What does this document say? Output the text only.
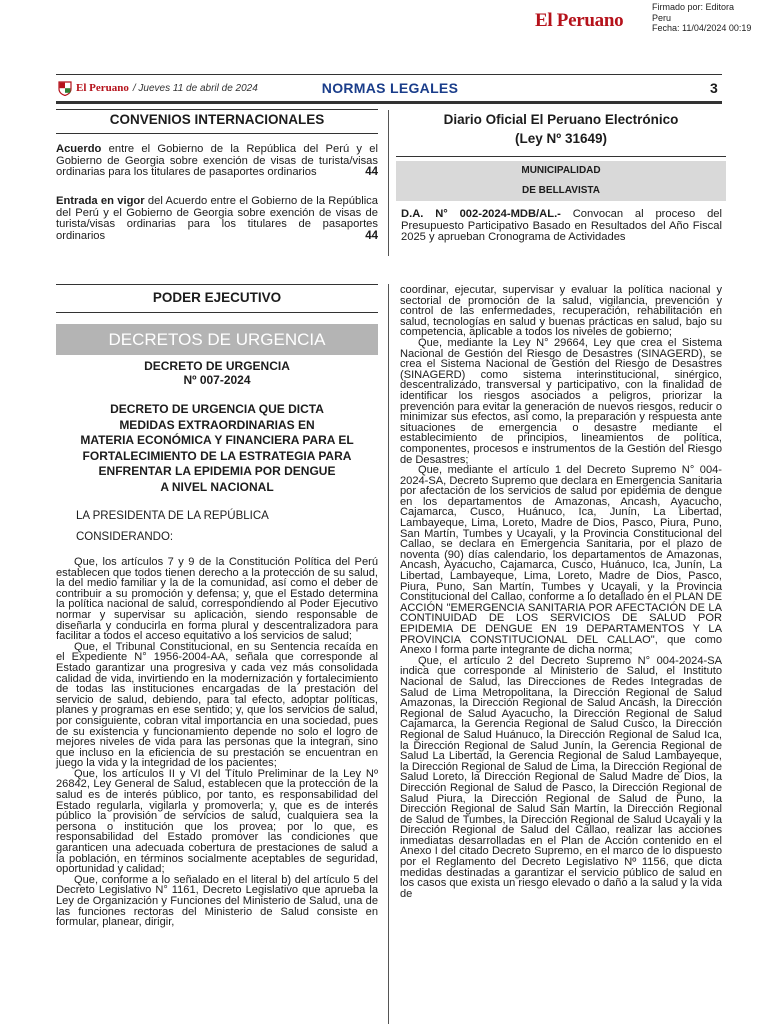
El Peruano
Firmado por: Editora
Peru
Fecha: 11/04/2024 00:19
El Peruano / Jueves 11 de abril de 2024	NORMAS LEGALES	3
CONVENIOS INTERNACIONALES
Acuerdo entre el Gobierno de la República del Perú y el Gobierno de Georgia sobre exención de visas de turista/visas ordinarias para los titulares de pasaportes ordinarios	44
Entrada en vigor del Acuerdo entre el Gobierno de la República del Perú y el Gobierno de Georgia sobre exención de visas de turista/visas ordinarias para los titulares de pasaportes ordinarios	44
Diario Oficial El Peruano Electrónico
(Ley Nº 31649)
MUNICIPALIDAD
DE BELLAVISTA
D.A. N° 002-2024-MDB/AL.- Convocan al proceso del Presupuesto Participativo Basado en Resultados del Año Fiscal 2025 y aprueban Cronograma de Actividades
PODER EJECUTIVO
DECRETOS DE URGENCIA
DECRETO DE URGENCIA
Nº 007-2024
DECRETO DE URGENCIA QUE DICTA
MEDIDAS EXTRAORDINARIAS EN
MATERIA ECONÓMICA Y FINANCIERA PARA EL
FORTALECIMIENTO DE LA ESTRATEGIA PARA
ENFRENTAR LA EPIDEMIA POR DENGUE
A NIVEL NACIONAL
LA PRESIDENTA DE LA REPÚBLICA
CONSIDERANDO:

Que, los artículos 7 y 9 de la Constitución Política del Perú establecen que todos tienen derecho a la protección de su salud, la del medio familiar y la de la comunidad, así como el deber de contribuir a su promoción y defensa; y, que el Estado determina la política nacional de salud, correspondiendo al Poder Ejecutivo normar y supervisar su aplicación, siendo responsable de diseñarla y conducirla en forma plural y descentralizadora para facilitar a todos el acceso equitativo a los servicios de salud;

Que, el Tribunal Constitucional, en su Sentencia recaída en el Expediente N° 1956-2004-AA, señala que corresponde al Estado garantizar una progresiva y cada vez más consolidada calidad de vida, invirtiendo en la modernización y fortalecimiento de todas las instituciones encargadas de la prestación del servicio de salud, debiendo, para tal efecto, adoptar políticas, planes y programas en ese sentido; y, que los servicios de salud, por consiguiente, cobran vital importancia en una sociedad, pues de su existencia y funcionamiento depende no solo el logro de mejores niveles de vida para las personas que la integran, sino que incluso en la eficiencia de su prestación se encuentran en juego la vida y la integridad de los pacientes;

Que, los artículos II y VI del Título Preliminar de la Ley Nº 26842, Ley General de Salud, establecen que la protección de la salud es de interés público, por tanto, es responsabilidad del Estado regularla, vigilarla y promoverla; y, que es de interés público la provisión de servicios de salud, cualquiera sea la persona o institución que los provea; por lo que, es responsabilidad del Estado promover las condiciones que garanticen una adecuada cobertura de prestaciones de salud a la población, en términos socialmente aceptables de seguridad, oportunidad y calidad;

Que, conforme a lo señalado en el literal b) del artículo 5 del Decreto Legislativo N° 1161, Decreto Legislativo que aprueba la Ley de Organización y Funciones del Ministerio de Salud, una de las funciones rectoras del Ministerio de Salud consiste en formular, planear, dirigir,

coordinar, ejecutar, supervisar y evaluar la política nacional y sectorial de promoción de la salud, vigilancia, prevención y control de las enfermedades, recuperación, rehabilitación en salud, tecnologías en salud y buenas prácticas en salud, bajo su competencia, aplicable a todos los niveles de gobierno;

Que, mediante la Ley N° 29664, Ley que crea el Sistema Nacional de Gestión del Riesgo de Desastres (SINAGERD), se crea el Sistema Nacional de Gestión del Riesgo de Desastres (SINAGERD) como sistema interinstitucional, sinérgico, descentralizado, transversal y participativo, con la finalidad de identificar los riesgos asociados a peligros, priorizar la prevención para evitar la generación de nuevos riesgos, reducir o minimizar sus efectos, así como, la preparación y respuesta ante situaciones de emergencia o desastre mediante el establecimiento de principios, lineamientos de política, componentes, procesos e instrumentos de la Gestión del Riesgo de Desastres;

Que, mediante el artículo 1 del Decreto Supremo N° 004-2024-SA, Decreto Supremo que declara en Emergencia Sanitaria por afectación de los servicios de salud por epidemia de dengue en los departamentos de Amazonas, Ancash, Ayacucho, Cajamarca, Cusco, Huánuco, Ica, Junín, La Libertad, Lambayeque, Lima, Loreto, Madre de Dios, Pasco, Piura, Puno, San Martín, Tumbes y Ucayali, y la Provincia Constitucional del Callao, se declara en Emergencia Sanitaria, por el plazo de noventa (90) días calendario, los departamentos de Amazonas, Ancash, Ayacucho, Cajamarca, Cusco, Huánuco, Ica, Junín, La Libertad, Lambayeque, Lima, Loreto, Madre de Dios, Pasco, Piura, Puno, San Martín, Tumbes y Ucayali, y la Provincia Constitucional del Callao, conforme a lo detallado en el PLAN DE ACCIÓN "EMERGENCIA SANITARIA POR AFECTACIÓN DE LA CONTINUIDAD DE LOS SERVICIOS DE SALUD POR EPIDEMIA DE DENGUE EN 19 DEPARTAMENTOS Y LA PROVINCIA CONSTITUCIONAL DEL CALLAO", que como Anexo I forma parte integrante de dicha norma;

Que, el artículo 2 del Decreto Supremo N° 004-2024-SA indica que corresponde al Ministerio de Salud, el Instituto Nacional de Salud, las Direcciones de Redes Integradas de Salud de Lima Metropolitana, la Dirección Regional de Salud Amazonas, la Dirección Regional de Salud Ancash, la Dirección Regional de Salud Ayacucho, la Dirección Regional de Salud Cajamarca, la Gerencia Regional de Salud Cusco, la Dirección Regional de Salud Huánuco, la Dirección Regional de Salud Ica, la Dirección Regional de Salud Junín, la Gerencia Regional de Salud La Libertad, la Gerencia Regional de Salud Lambayeque, la Dirección Regional de Salud de Lima, la Dirección Regional de Salud Loreto, la Dirección Regional de Salud Madre de Dios, la Dirección Regional de Salud de Pasco, la Dirección Regional de Salud Piura, la Dirección Regional de Salud de Puno, la Dirección Regional de Salud San Martín, la Dirección Regional de Salud de Tumbes, la Dirección Regional de Salud Ucayali y la Dirección Regional de Salud del Callao, realizar las acciones inmediatas desarrolladas en el Plan de Acción contenido en el Anexo I del citado Decreto Supremo, en el marco de lo dispuesto por el Reglamento del Decreto Legislativo Nº 1156, que dicta medidas destinadas a garantizar el servicio público de salud en los casos que exista un riesgo elevado o daño a la salud y la vida de
